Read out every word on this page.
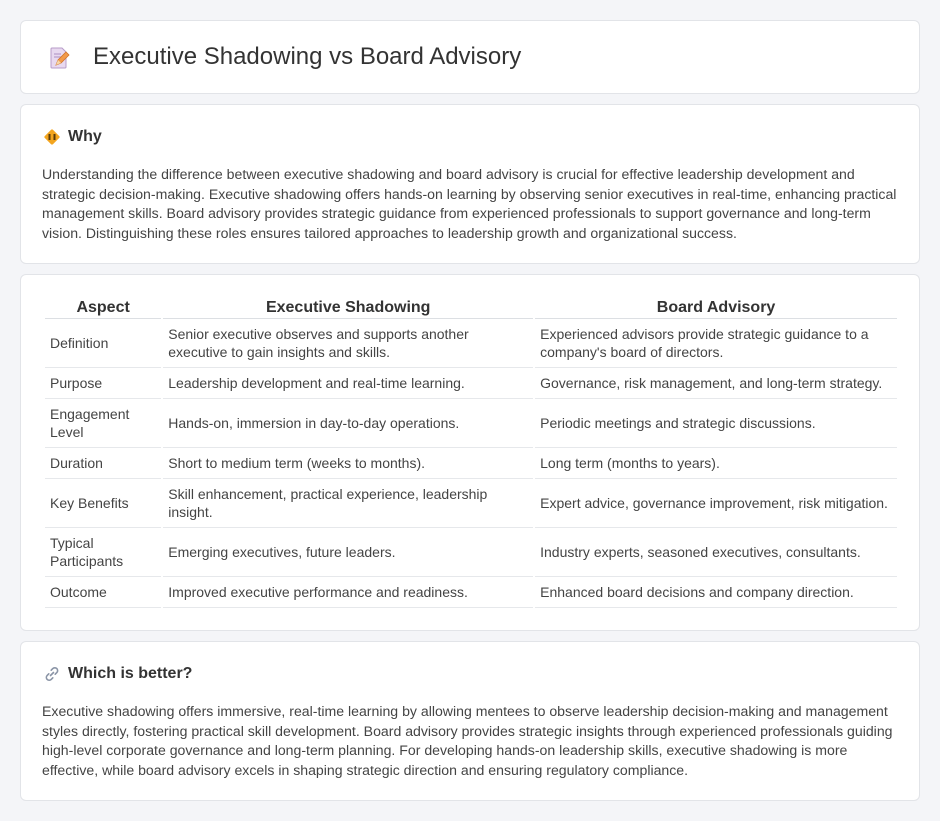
Executive Shadowing vs Board Advisory
Why

Understanding the difference between executive shadowing and board advisory is crucial for effective leadership development and strategic decision-making. Executive shadowing offers hands-on learning by observing senior executives in real-time, enhancing practical management skills. Board advisory provides strategic guidance from experienced professionals to support governance and long-term vision. Distinguishing these roles ensures tailored approaches to leadership growth and organizational success.

Aspect	Executive Shadowing	Board Advisory
Definition	Senior executive observes and supports another executive to gain insights and skills.	Experienced advisors provide strategic guidance to a company's board of directors.
Purpose	Leadership development and real-time learning.	Governance, risk management, and long-term strategy.
Engagement Level	Hands-on, immersion in day-to-day operations.	Periodic meetings and strategic discussions.
Duration	Short to medium term (weeks to months).	Long term (months to years).
Key Benefits	Skill enhancement, practical experience, leadership insight.	Expert advice, governance improvement, risk mitigation.
Typical Participants	Emerging executives, future leaders.	Industry experts, seasoned executives, consultants.
Outcome	Improved executive performance and readiness.	Enhanced board decisions and company direction.
Which is better?

Executive shadowing offers immersive, real-time learning by allowing mentees to observe leadership decision-making and management styles directly, fostering practical skill development. Board advisory provides strategic insights through experienced professionals guiding high-level corporate governance and long-term planning. For developing hands-on leadership skills, executive shadowing is more effective, while board advisory excels in shaping strategic direction and ensuring regulatory compliance.
